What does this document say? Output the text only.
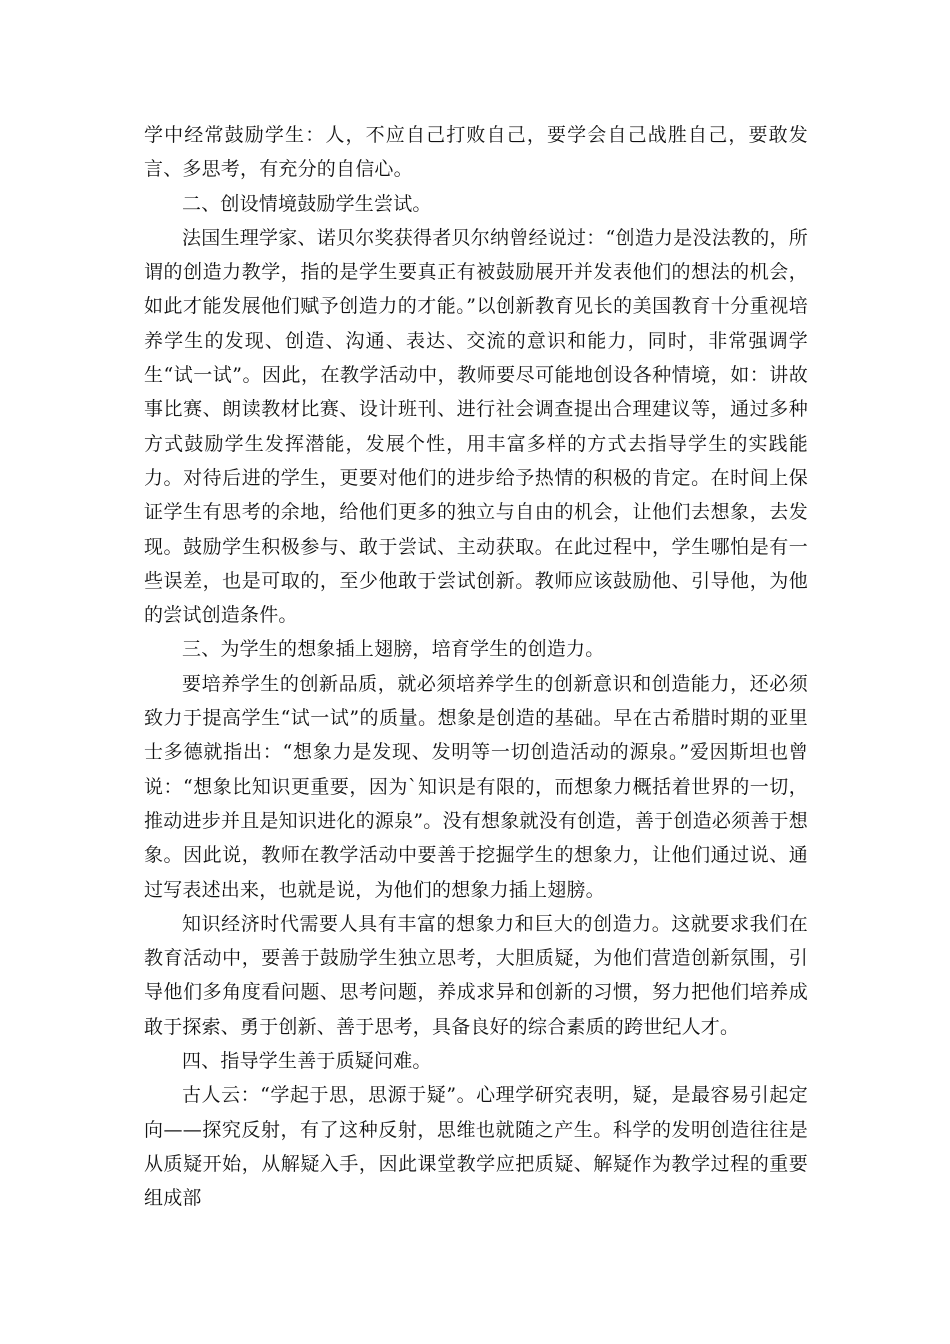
学中经常鼓励学生：人，不应自己打败自己，要学会自己战胜自己，要敢发言、多思考，有充分的自信心。

二、创设情境鼓励学生尝试。

法国生理学家、诺贝尔奖获得者贝尔纳曾经说过：“创造力是没法教的，所谓的创造力教学，指的是学生要真正有被鼓励展开并发表他们的想法的机会，如此才能发展他们赋予创造力的才能。”以创新教育见长的美国教育十分重视培养学生的发现、创造、沟通、表达、交流的意识和能力，同时，非常强调学生“试一试”。因此，在教学活动中，教师要尽可能地创设各种情境，如：讲故事比赛、朗读教材比赛、设计班刊、进行社会调查提出合理建议等，通过多种方式鼓励学生发挥潜能，发展个性，用丰富多样的方式去指导学生的实践能力。对待后进的学生，更要对他们的进步给予热情的积极的肯定。在时间上保证学生有思考的余地，给他们更多的独立与自由的机会，让他们去想象，去发现。鼓励学生积极参与、敢于尝试、主动获取。在此过程中，学生哪怕是有一些误差，也是可取的，至少他敢于尝试创新。教师应该鼓励他、引导他，为他的尝试创造条件。

三、为学生的想象插上翅膀，培育学生的创造力。

要培养学生的创新品质，就必须培养学生的创新意识和创造能力，还必须致力于提高学生“试一试”的质量。想象是创造的基础。早在古希腊时期的亚里士多德就指出：“想象力是发现、发明等一切创造活动的源泉。”爱因斯坦也曾说：“想象比知识更重要，因为`知识是有限的，而想象力概括着世界的一切，推动进步并且是知识进化的源泉”。没有想象就没有创造，善于创造必须善于想象。因此说，教师在教学活动中要善于挖掘学生的想象力，让他们通过说、通过写表述出来，也就是说，为他们的想象力插上翅膀。

知识经济时代需要人具有丰富的想象力和巨大的创造力。这就要求我们在教育活动中，要善于鼓励学生独立思考，大胆质疑，为他们营造创新氛围，引导他们多角度看问题、思考问题，养成求异和创新的习惯，努力把他们培养成敢于探索、勇于创新、善于思考，具备良好的综合素质的跨世纪人才。

四、指导学生善于质疑问难。

古人云：“学起于思，思源于疑”。心理学研究表明，疑，是最容易引起定向——探究反射，有了这种反射，思维也就随之产生。科学的发明创造往往是从质疑开始，从解疑入手，因此课堂教学应把质疑、解疑作为教学过程的重要组成部
